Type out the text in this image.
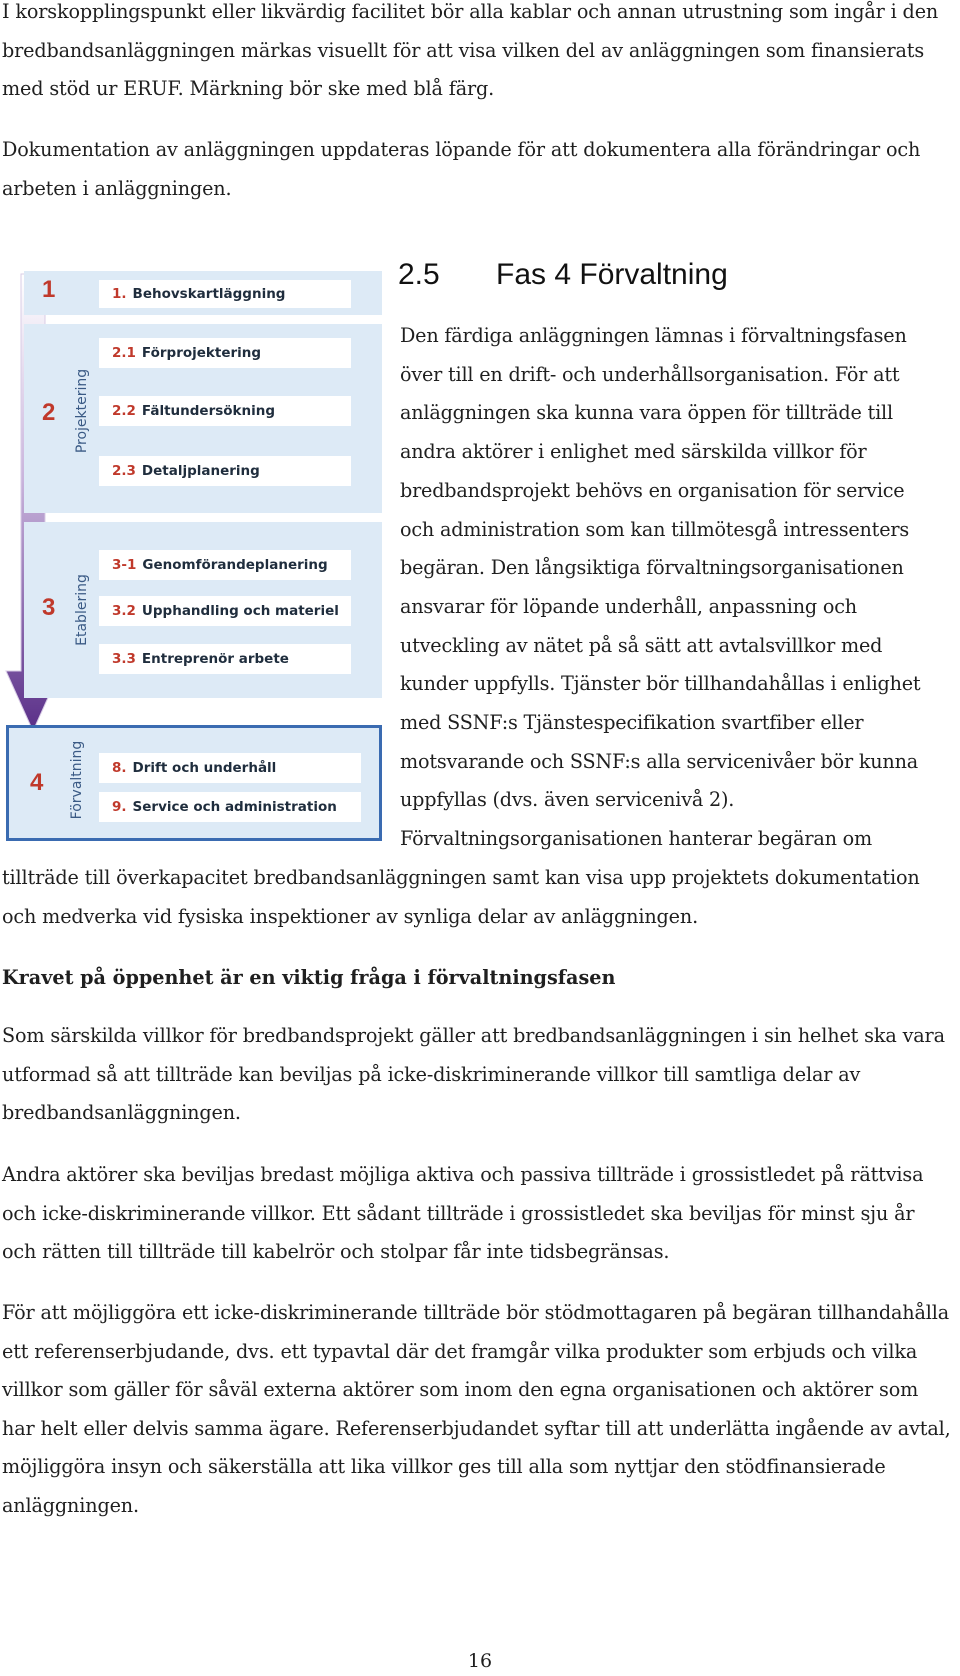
I korskopplingspunkt eller likvärdig facilitet bör alla kablar och annan utrustning som ingår i den bredbandsanläggningen märkas visuellt för att visa vilken del av anläggningen som finansierats med stöd ur ERUF. Märkning bör ske med blå färg.

Dokumentation av anläggningen uppdateras löpande för att dokumentera alla förändringar och arbeten i anläggningen.

1	1. Behovskartläggning
Projektering
2
2.1 Förprojektering
2.2 Fältundersökning
2.3 Detaljplanering
Etablering
3
3-1 Genomförandeplanering
3.2 Upphandling och materiel
3.3 Entreprenör arbete
Förvaltning
4
8. Drift och underhåll
9. Service och administration
2.5 Fas 4 Förvaltning
Den färdiga anläggningen lämnas i förvaltningsfasen
över till en drift- och underhållsorganisation. För att
anläggningen ska kunna vara öppen för tillträde till
andra aktörer i enlighet med särskilda villkor för
bredbandsprojekt behövs en organisation för service
och administration som kan tillmötesgå intressenters
begäran. Den långsiktiga förvaltningsorganisationen
ansvarar för löpande underhåll, anpassning och
utveckling av nätet på så sätt att avtalsvillkor med
kunder uppfylls. Tjänster bör tillhandahållas i enlighet
med SSNF:s Tjänstespecifikation svartfiber eller
motsvarande och SSNF:s alla servicenivåer bör kunna
uppfyllas (dvs. även servicenivå 2).
Förvaltningsorganisationen hanterar begäran om

tillträde till överkapacitet bredbandsanläggningen samt kan visa upp projektets dokumentation och medverka vid fysiska inspektioner av synliga delar av anläggningen.

Kravet på öppenhet är en viktig fråga i förvaltningsfasen

Som särskilda villkor för bredbandsprojekt gäller att bredbandsanläggningen i sin helhet ska vara utformad så att tillträde kan beviljas på icke-diskriminerande villkor till samtliga delar av bredbandsanläggningen.

Andra aktörer ska beviljas bredast möjliga aktiva och passiva tillträde i grossistledet på rättvisa och icke-diskriminerande villkor. Ett sådant tillträde i grossistledet ska beviljas för minst sju år och rätten till tillträde till kabelrör och stolpar får inte tidsbegränsas.

För att möjliggöra ett icke-diskriminerande tillträde bör stödmottagaren på begäran tillhandahålla ett referenserbjudande, dvs. ett typavtal där det framgår vilka produkter som erbjuds och vilka villkor som gäller för såväl externa aktörer som inom den egna organisationen och aktörer som har helt eller delvis samma ägare. Referenserbjudandet syftar till att underlätta ingående av avtal, möjliggöra insyn och säkerställa att lika villkor ges till alla som nyttjar den stödfinansierade anläggningen.

16
